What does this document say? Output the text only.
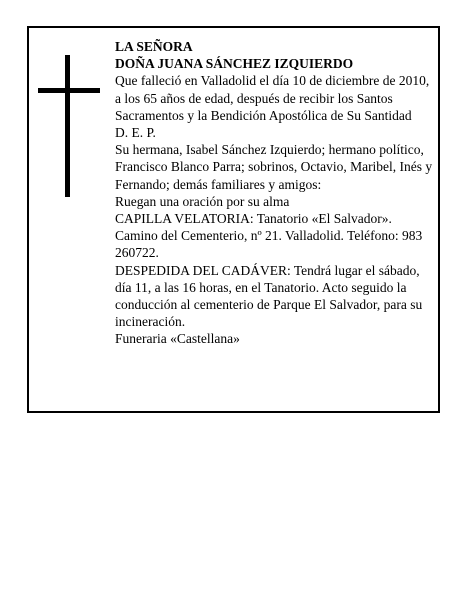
LA SEÑORA

DOÑA JUANA SÁNCHEZ IZQUIERDO

Que falleció en Valladolid el día 10 de diciembre de 2010, a los 65 años de edad, después de recibir los Santos Sacramentos y la Bendición Apostólica de Su Santidad

D. E. P.

Su hermana, Isabel Sánchez Izquierdo; hermano político, Francisco Blanco Parra; sobrinos, Octavio, Maribel, Inés y Fernando; demás familiares y amigos:

Ruegan una oración por su alma

CAPILLA VELATORIA: Tanatorio «El Salvador». Camino del Cementerio, nº 21. Valladolid. Teléfono: 983 260722.

DESPEDIDA DEL CADÁVER: Tendrá lugar el sábado, día 11, a las 16 horas, en el Tanatorio. Acto seguido la conducción al cementerio de Parque El Salvador, para su incineración.

Funeraria «Castellana»
